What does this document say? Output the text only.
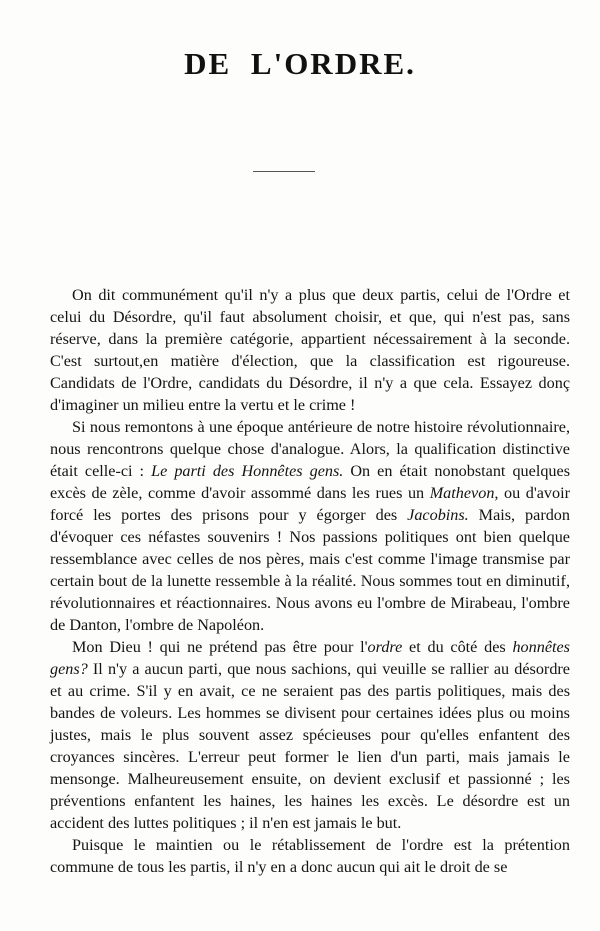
DE L'ORDRE.

On dit communément qu'il n'y a plus que deux partis, celui de l'Ordre et celui du Désordre, qu'il faut absolument choisir, et que, qui n'est pas, sans réserve, dans la première catégorie, appartient nécessairement à la seconde. C'est surtout,en matière d'élection, que la classification est rigoureuse. Candidats de l'Ordre, candidats du Désordre, il n'y a que cela. Essayez donç d'imaginer un milieu entre la vertu et le crime !

Si nous remontons à une époque antérieure de notre histoire révolutionnaire, nous rencontrons quelque chose d'analogue. Alors, la qualification distinctive était celle-ci : Le parti des Honnêtes gens. On en était nonobstant quelques excès de zèle, comme d'avoir assommé dans les rues un Mathevon, ou d'avoir forcé les portes des prisons pour y égorger des Jacobins. Mais, pardon d'évoquer ces néfastes souvenirs ! Nos passions politiques ont bien quelque ressemblance avec celles de nos pères, mais c'est comme l'image transmise par certain bout de la lunette ressemble à la réalité. Nous sommes tout en diminutif, révolutionnaires et réactionnaires. Nous avons eu l'ombre de Mirabeau, l'ombre de Danton, l'ombre de Napoléon.

Mon Dieu ! qui ne prétend pas être pour l'ordre et du côté des honnêtes gens? Il n'y a aucun parti, que nous sachions, qui veuille se rallier au désordre et au crime. S'il y en avait, ce ne seraient pas des partis politiques, mais des bandes de voleurs. Les hommes se divisent pour certaines idées plus ou moins justes, mais le plus souvent assez spécieuses pour qu'elles enfantent des croyances sincères. L'erreur peut former le lien d'un parti, mais jamais le mensonge. Malheureusement ensuite, on devient exclusif et passionné ; les préventions enfantent les haines, les haines les excès. Le désordre est un accident des luttes politiques ; il n'en est jamais le but.

Puisque le maintien ou le rétablissement de l'ordre est la prétention commune de tous les partis, il n'y en a donc aucun qui ait le droit de se
